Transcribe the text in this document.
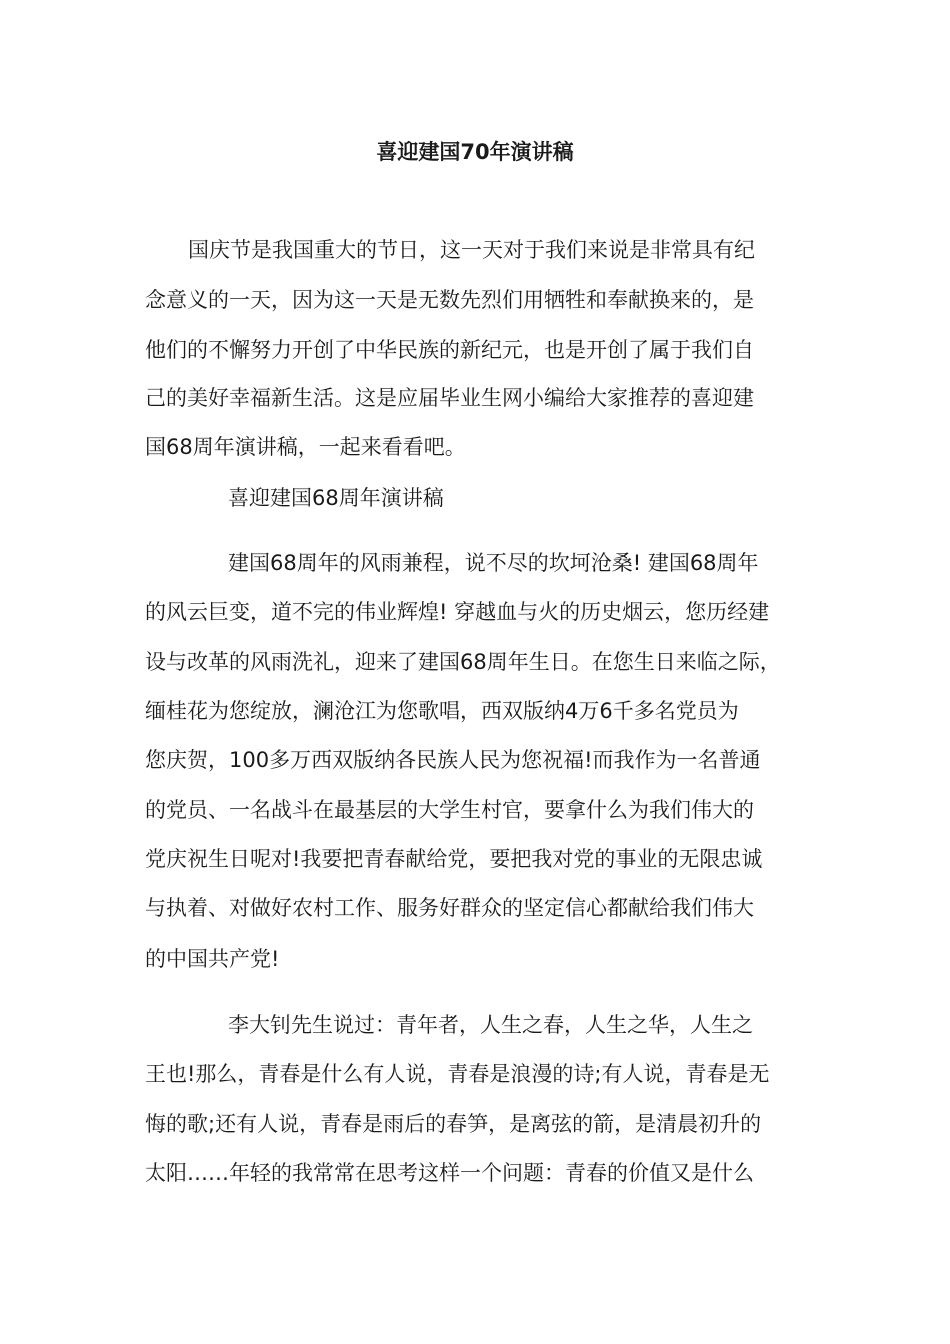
喜迎建国70年演讲稿
国庆节是我国重大的节日，这一天对于我们来说是非常具有纪
念意义的一天，因为这一天是无数先烈们用牺牲和奉献换来的，是
他们的不懈努力开创了中华民族的新纪元，也是开创了属于我们自
己的美好幸福新生活。这是应届毕业生网小编给大家推荐的喜迎建
国68周年演讲稿，一起来看看吧。
喜迎建国68周年演讲稿
建国68周年的风雨兼程，说不尽的坎坷沧桑! 建国68周年
的风云巨变，道不完的伟业辉煌! 穿越血与火的历史烟云，您历经建
设与改革的风雨洗礼，迎来了建国68周年生日。在您生日来临之际，
缅桂花为您绽放，澜沧江为您歌唱，西双版纳4万6千多名党员为
您庆贺，100多万西双版纳各民族人民为您祝福!而我作为一名普通
的党员、一名战斗在最基层的大学生村官，要拿什么为我们伟大的
党庆祝生日呢对!我要把青春献给党，要把我对党的事业的无限忠诚
与执着、对做好农村工作、服务好群众的坚定信心都献给我们伟大
的中国共产党!
李大钊先生说过：青年者，人生之春，人生之华，人生之
王也!那么，青春是什么有人说，青春是浪漫的诗;有人说，青春是无
悔的歌;还有人说，青春是雨后的春笋，是离弦的箭，是清晨初升的
太阳……年轻的我常常在思考这样一个问题：青春的价值又是什么
